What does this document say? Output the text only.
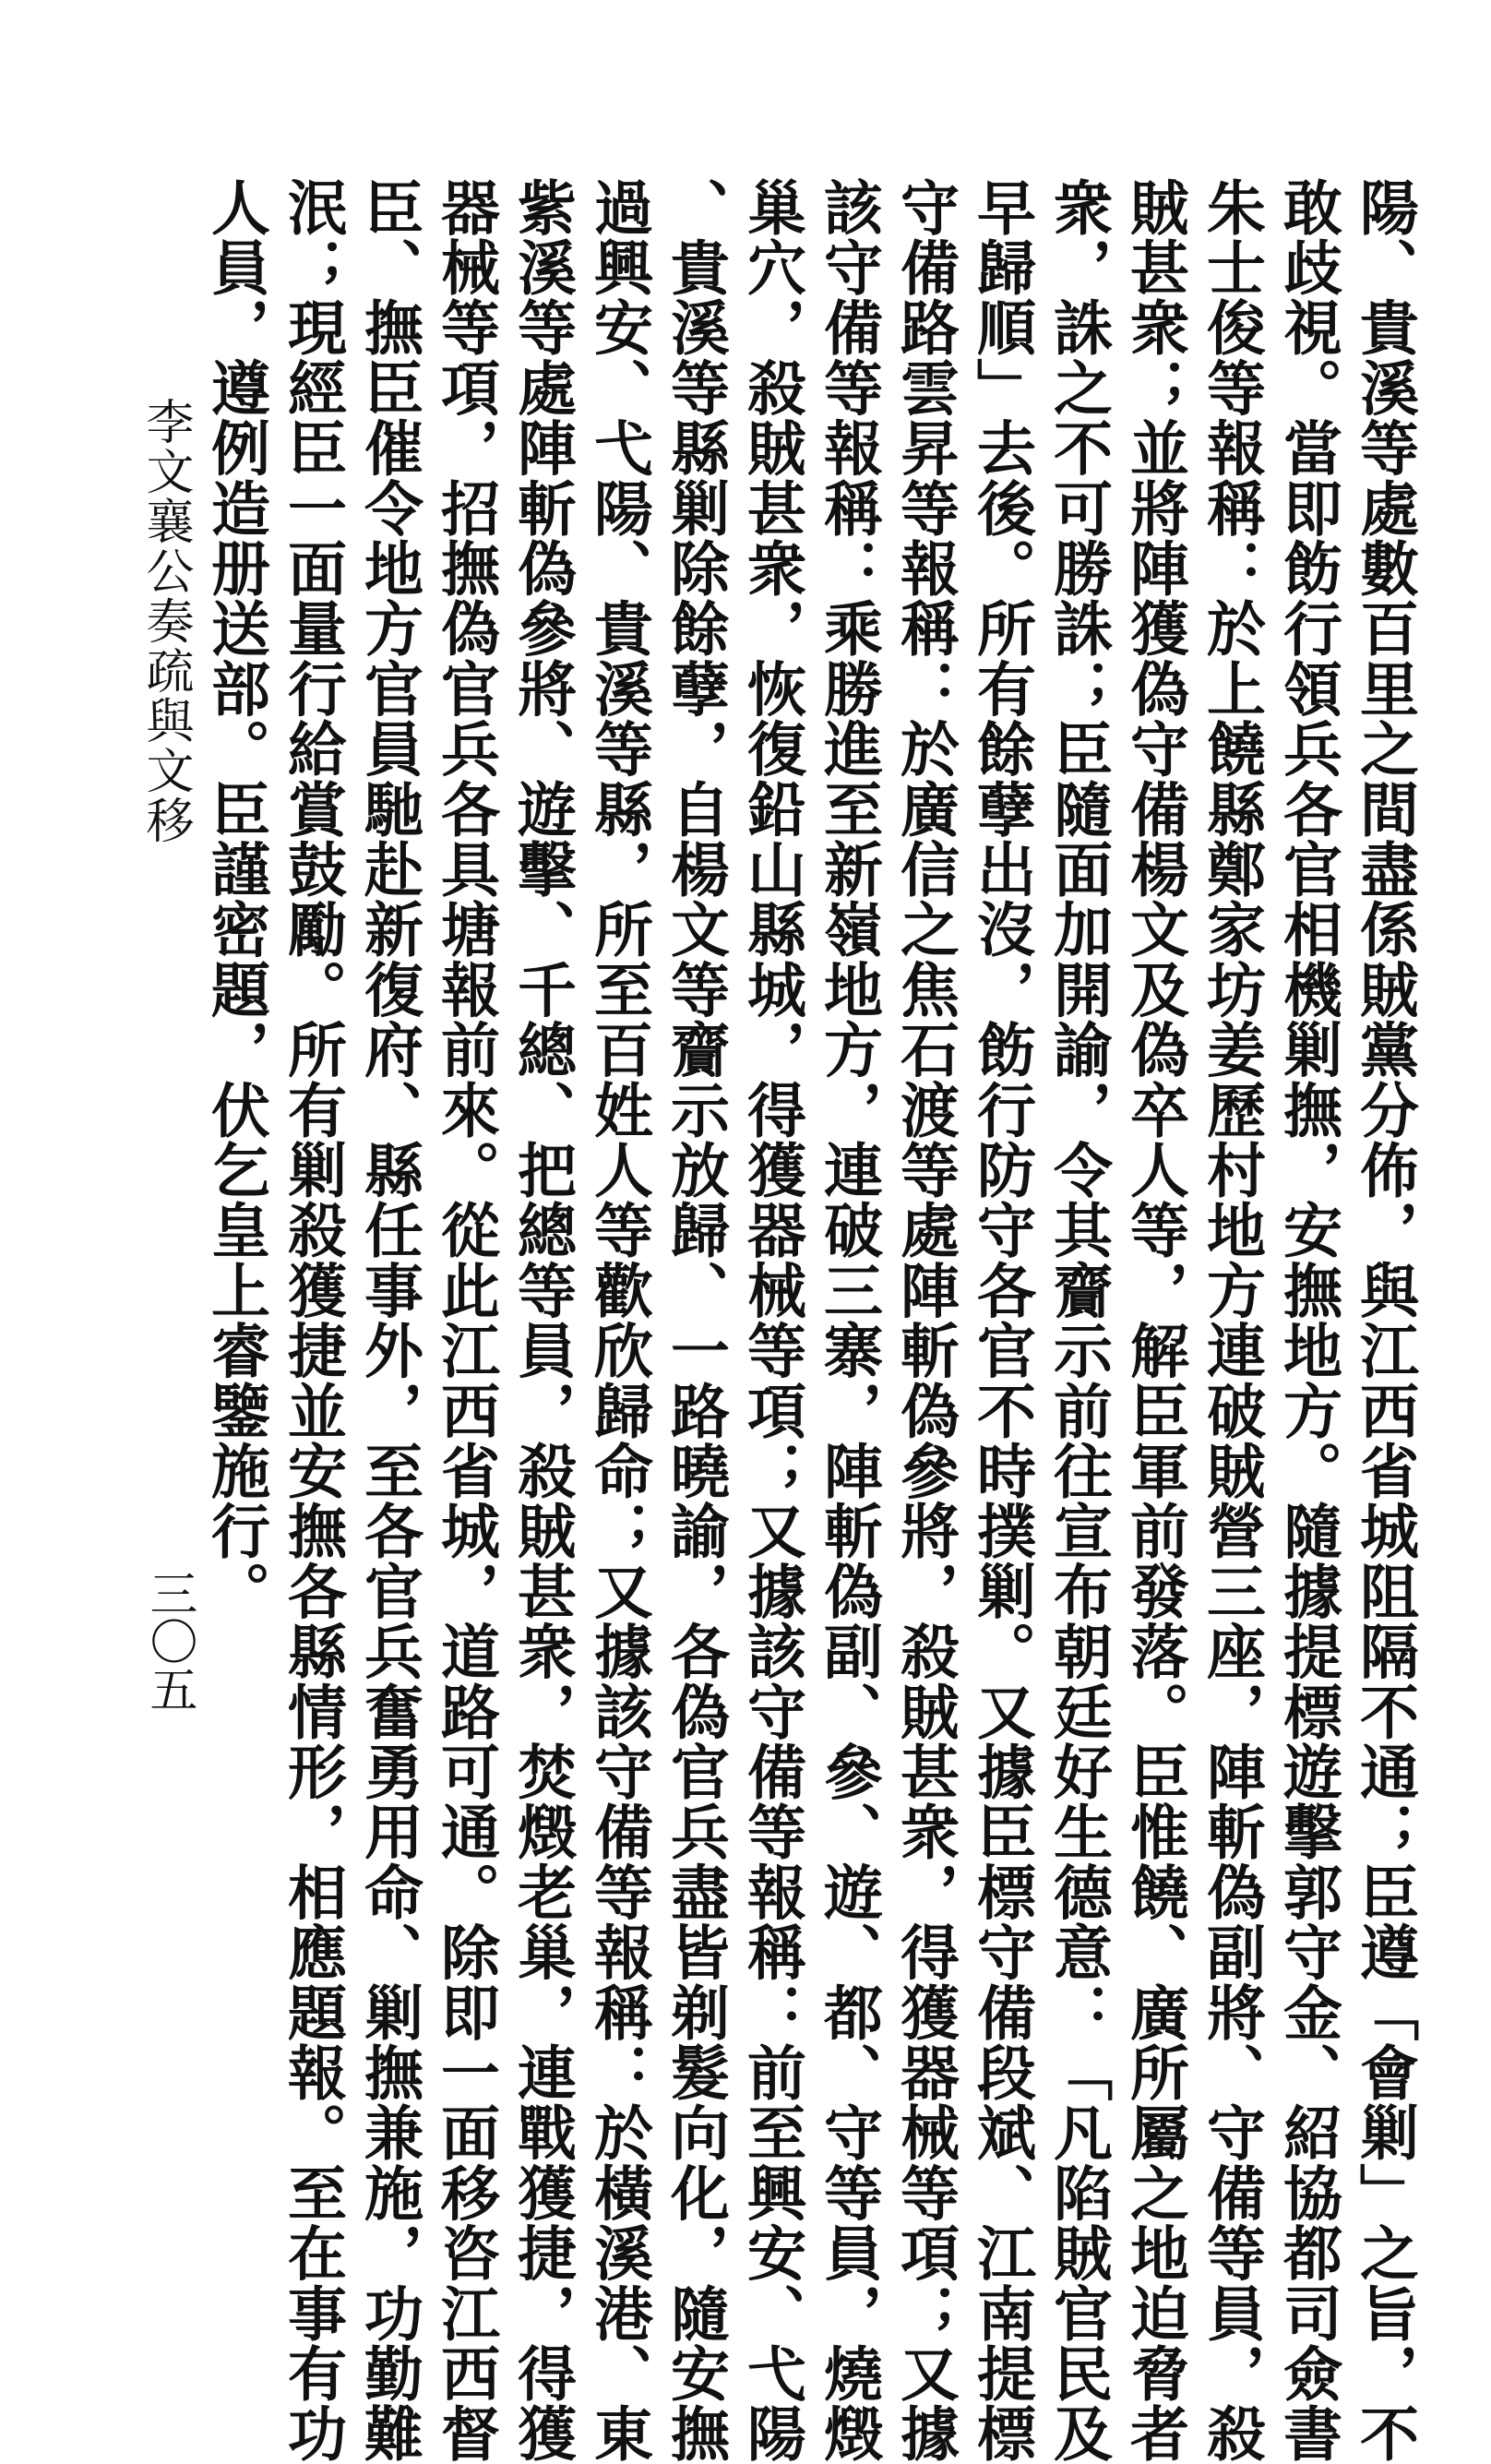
陽、貴溪等處數百里之間盡係賊黨分佈，與江西省城阻隔不通；臣遵「會剿」之旨，不
敢歧視。當即飭行領兵各官相機剿撫，安撫地方。隨據提標遊擊郭守金、紹協都司僉書
朱士俊等報稱：於上饒縣鄭家坊姜歷村地方連破賊營三座，陣斬偽副將、守備等員，殺
賊甚衆；並將陣獲偽守備楊文及偽卒人等，解臣軍前發落。臣惟饒、廣所屬之地迫脅者
衆，誅之不可勝誅；臣隨面加開諭，令其齎示前往宣布朝廷好生德意：「凡陷賊官民及
早歸順」去後。所有餘孽出沒，飭行防守各官不時撲剿。又據臣標守備段斌、江南提標
守備路雲昇等報稱：於廣信之焦石渡等處陣斬偽參將，殺賊甚衆，得獲器械等項；又據
該守備等報稱：乘勝進至新嶺地方，連破三寨，陣斬偽副、參、遊、都、守等員，燒燬
巢穴，殺賊甚衆，恢復鉛山縣城，得獲器械等項；又據該守備等報稱：前至興安、弋陽
、貴溪等縣剿除餘孽，自楊文等齎示放歸、一路曉諭，各偽官兵盡皆剃髮向化，隨安撫
過興安、弋陽、貴溪等縣，所至百姓人等歡欣歸命；又據該守備等報稱：於橫溪港、東
紫溪等處陣斬偽參將、遊擊、千總、把總等員，殺賊甚衆，焚燬老巢，連戰獲捷，得獲
器械等項，招撫偽官兵各具塘報前來。從此江西省城，道路可通。除即一面移咨江西督
臣、撫臣催令地方官員馳赴新復府、縣任事外，至各官兵奮勇用命、剿撫兼施，功勤難
泯；現經臣一面量行給賞鼓勵。所有剿殺獲捷並安撫各縣情形，相應題報。至在事有功
人員，遵例造册送部。臣謹密題，伏乞皇上睿鑒施行。
李文襄公奏疏與文移
三〇五
